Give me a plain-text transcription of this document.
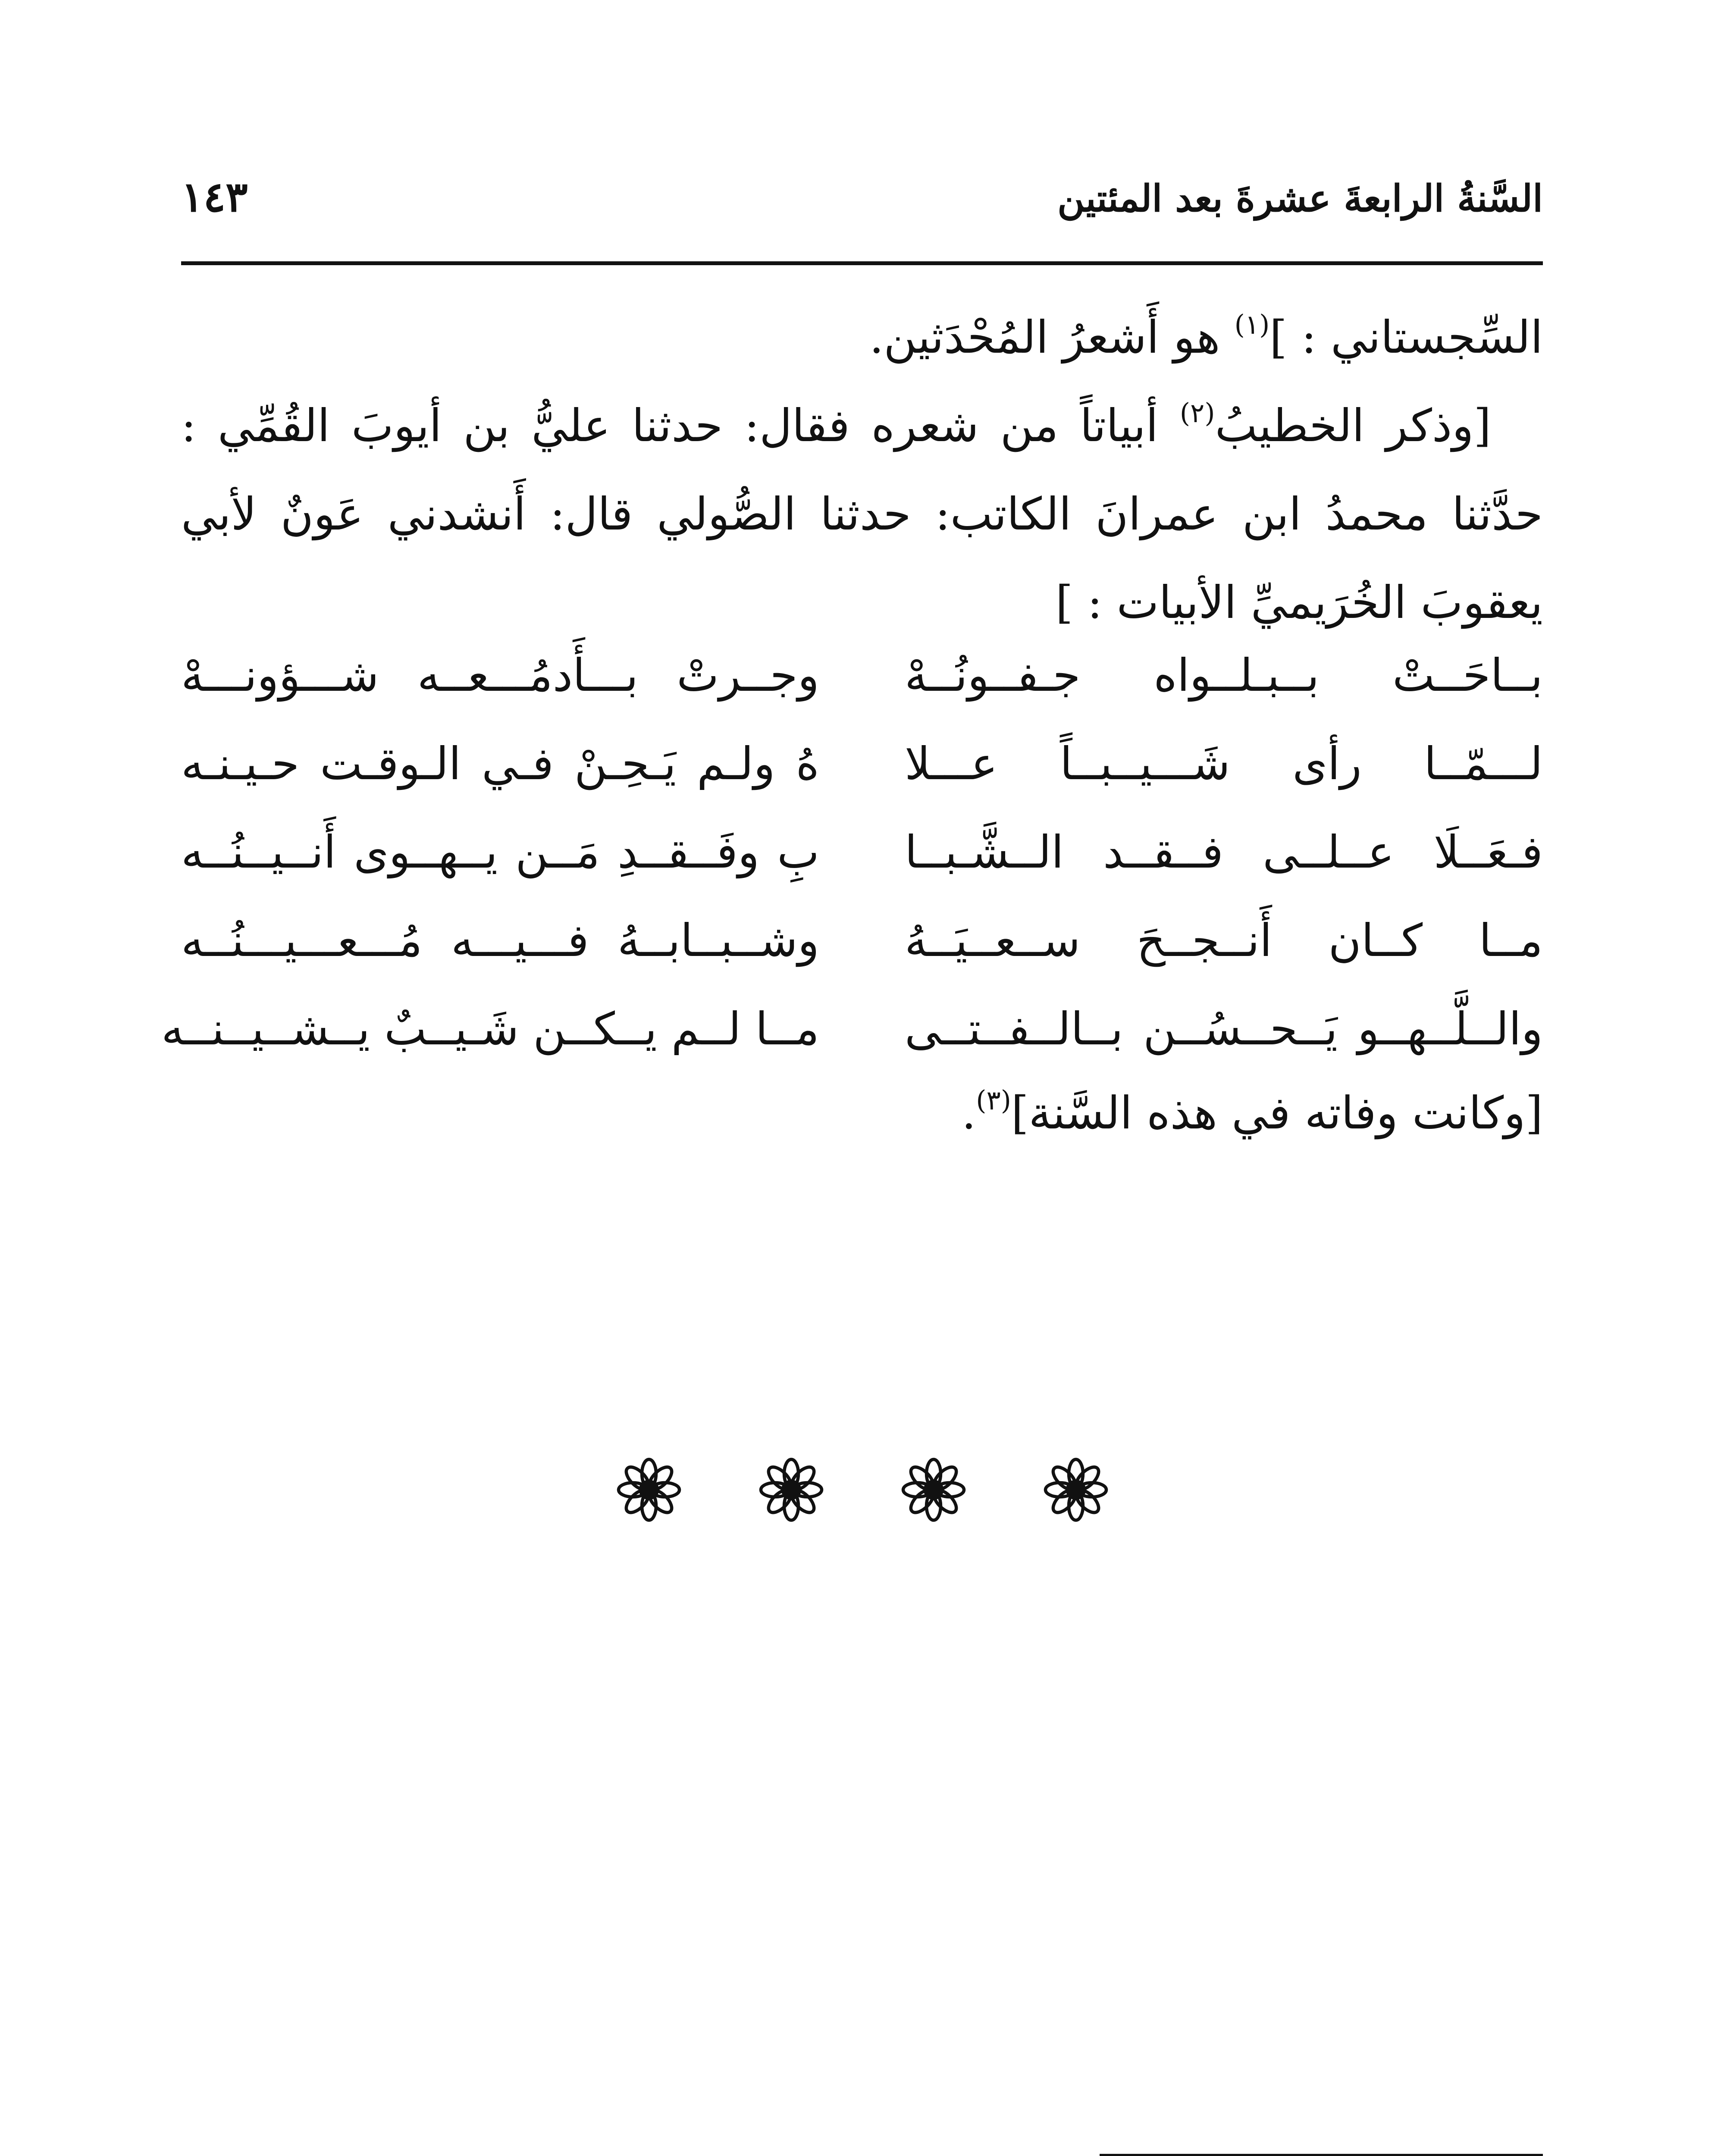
السَّنةُ الرابعةَ عشرةَ بعد المئتين
١٤٣

السِّجستاني : ]$^{(١)}$ هو أَشعرُ المُحْدَثين.

[وذكر الخطيبُ$^{(٢)}$ أبياتاً من شعره فقال: حدثنا عليُّ بن أيوبَ القُمِّي : حدَّثنا محمدُ ابن عمرانَ الكاتب: حدثنا الصُّولي قال: أَنشدني عَونٌ لأبي يعقوبَ الخُرَيميِّ الأبيات : ]

بــاحَــتْ بــبـلــواه جـفــونُــهْ
وجــرتْ بـــأَدمُـــعــه شـــؤونـــهْ
لـــمّــا رأى شَـــيــبــاً عـــلا
هُ ولـم يَـحِـنْ فـي الـوقـت حـيـنـه
فـعَــلَا عــلــى فــقــد الــشَّـبــا
بِ وفَــقــدِ مَــن يــهــوى أَنــيــنُــه
مــا كــان أَنــجــحَ ســعــيَــهُ
وشــبــابــهُ فـــيـــه مُـــعـــيـــنُــه
والــلَّــهــو يَــحــسُــن بــالــفــتــى
مــا لــم يــكــن شَـيــبٌ يــشــيــنــه
[وكانت وفاته في هذه السَّنة]$^{(٣)}$.
